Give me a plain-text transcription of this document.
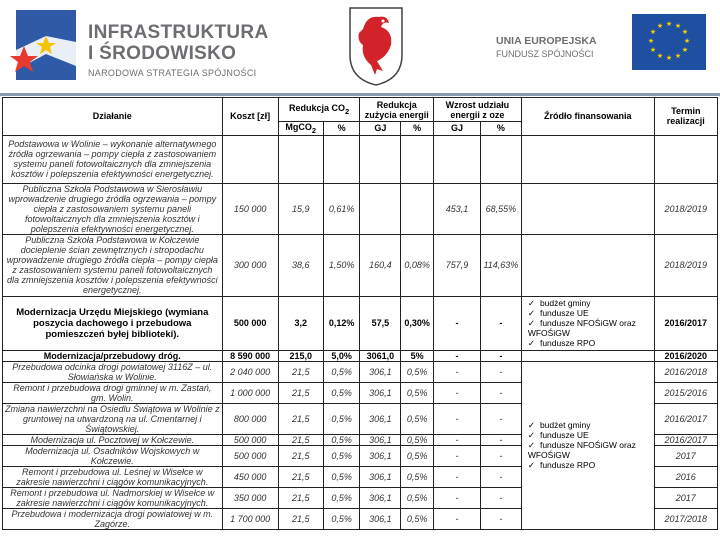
INFRASTRUKTURA
I ŚRODOWISKO
NARODOWA STRATEGIA SPÓJNOŚCI
UNIA EUROPEJSKA
FUNDUSZ SPÓJNOŚCI
★ ★
★
★
★
★
★
★
★
★
★
★
Działanie	Koszt [zł]	Redukcja $CO_2$		Redukcja zużycia energii		Wzrost udziału energii z oze		Źródło finansowania	Termin realizacji
		MgCO$_2$	%	GJ	%	GJ	%		
Podstawowa w Wolinie – wykonanie alternatywnego źródła ogrzewania – pompy ciepła z zastosowaniem systemu paneli fotowoltaicznych dla zmniejszenia kosztów i polepszenia efektywności energetycznej.									
Publiczna Szkoła Podstawowa w Sierosławiu wprowadzenie drugiego źródła ogrzewania – pompy ciepła z zastosowaniem systemu paneli fotowoltaicznych dla zmniejszenia kosztów i polepszenia efektywności energetycznej.	150 000	15,9	0,61%			453,1	68,55%		2018/2019
Publiczna Szkoła Podstawowa w Kołczewie docieplenie ścian zewnętrznych i stropodachu wprowadzenie drugiego źródła ciepła – pompy ciepła z zastosowaniem systemu paneli fotowoltaicznych dla zmniejszenia kosztów i polepszenia efektywności energetycznej.	300 000	38,6	1,50%	160,4	0,08%	757,9	114,63%		2018/2019
Modernizacja Urzędu Miejskiego (wymiana poszycia dachowego i przebudowa pomieszczeń byłej biblioteki).	500 000	3,2	0,12%	57,5	0,30%	-	-	✓ budżet gminy
✓ fundusze UE
✓ fundusze NFOŚiGW oraz WFOŚiGW
✓ fundusze RPO	2016/2017
Modernizacja/przebudowy dróg.	8 590 000	215,0	5,0%	3061,0	5%	-	-		2016/2020
Przebudowa odcinka drogi powiatowej 3116Z – ul. Słowiańska w Wolinie.	2 040 000	21,5	0,5%	306,1	0,5%	-	-	✓ budżet gminy
✓ fundusze UE
✓ fundusze NFOŚiGW oraz WFOŚiGW
✓ fundusze RPO	2016/2018
Remont i przebudowa drogi gminnej w m. Zastań, gm. Wolin.	1 000 000	21,5	0,5%	306,1	0,5%	-	-		2015/2016
Zmiana nawierzchni na Osiedlu Świątowa w Wolinie z gruntowej na utwardzoną na ul. Cmentarnej i Świątowskiej.	800 000	21,5	0,5%	306,1	0,5%	-	-		2016/2017
Modernizacja ul. Pocztowej w Kołczewie.	500 000	21,5	0,5%	306,1	0,5%	-	-		2016/2017
Modernizacja ul. Osadników Wojskowych w Kołczewie.	500 000	21,5	0,5%	306,1	0,5%	-	-		2017
Remont i przebudowa ul. Leśnej w Wisełce w zakresie nawierzchni i ciągów komunikacyjnych.	450 000	21,5	0,5%	306,1	0,5%	-	-		2016
Remont i przebudowa ul. Nadmorskiej w Wisełce w zakresie nawierzchni i ciągów komunikacyjnych.	350 000	21,5	0,5%	306,1	0,5%	-	-		2017
Przebudowa i modernizacja drogi powiatowej w m. Zagórze.	1 700 000	21,5	0,5%	306,1	0,5%	-	-		2017/2018
